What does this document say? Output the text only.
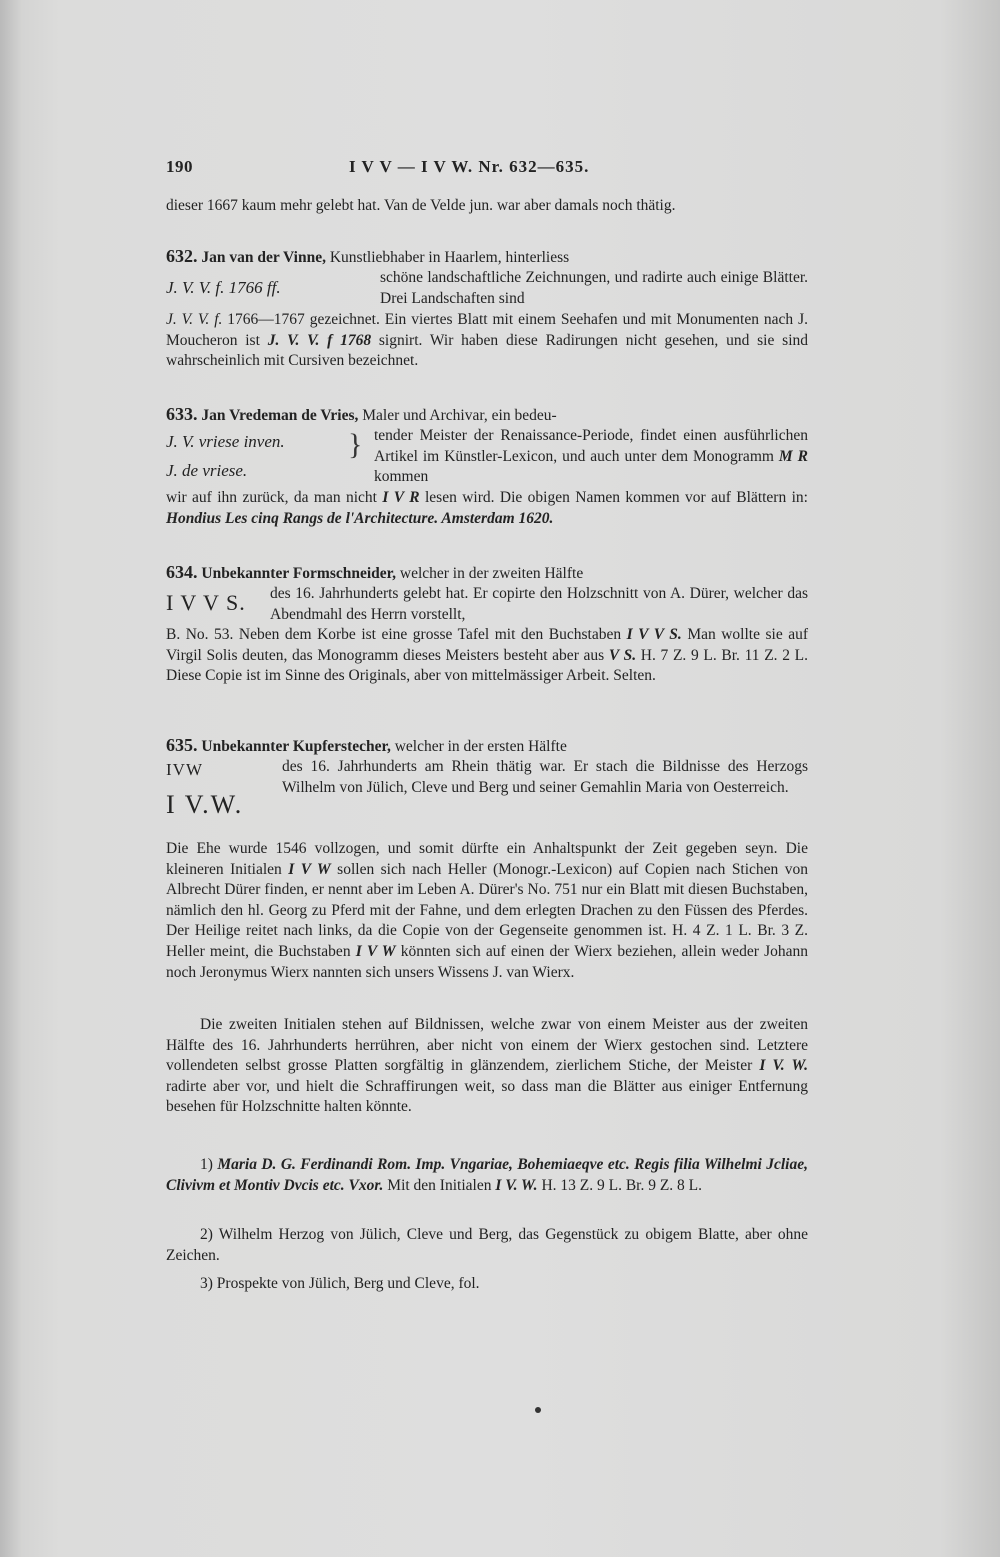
190	I V V — I V W. Nr. 632—635.
dieser 1667 kaum mehr gelebt hat. Van de Velde jun. war aber damals noch thätig.
632. Jan van der Vinne, Kunstliebhaber in Haarlem, hinterliess
J. V. V. f. 1766 ff.
schöne landschaftliche Zeichnungen, und radirte auch einige Blätter. Drei Landschaften sind
J. V. V. f. 1766—1767 gezeichnet. Ein viertes Blatt mit einem Seehafen und mit Monumenten nach J. Moucheron ist J. V. V. f 1768 signirt. Wir haben diese Radirungen nicht gesehen, und sie sind wahrscheinlich mit Cursiven bezeichnet.
633. Jan Vredeman de Vries, Maler und Archivar, ein bedeu-
J. V. vriese inven.
J. de vriese.
} tender Meister der Renaissance-Periode, findet einen ausführlichen Artikel im Künstler-Lexicon, und auch unter dem Monogramm M R kommen
wir auf ihn zurück, da man nicht I V R lesen wird. Die obigen Namen kommen vor auf Blättern in: Hondius Les cinq Rangs de l'Architecture. Amsterdam 1620.
634. Unbekannter Formschneider, welcher in der zweiten Hälfte
I V V S. des 16. Jahrhunderts gelebt hat. Er copirte den Holzschnitt von A. Dürer, welcher das Abendmahl des Herrn vorstellt,
B. No. 53. Neben dem Korbe ist eine grosse Tafel mit den Buchstaben I V V S. Man wollte sie auf Virgil Solis deuten, das Monogramm dieses Meisters besteht aber aus V S. H. 7 Z. 9 L. Br. 11 Z. 2 L. Diese Copie ist im Sinne des Originals, aber von mittelmässiger Arbeit. Selten.
635. Unbekannter Kupferstecher, welcher in der ersten Hälfte
IVW
I V.W.
des 16. Jahrhunderts am Rhein thätig war. Er stach die Bildnisse des Herzogs Wilhelm von Jülich, Cleve und Berg und seiner Gemahlin Maria von Oesterreich.
Die Ehe wurde 1546 vollzogen, und somit dürfte ein Anhaltspunkt der Zeit gegeben seyn. Die kleineren Initialen I V W sollen sich nach Heller (Monogr.-Lexicon) auf Copien nach Stichen von Albrecht Dürer finden, er nennt aber im Leben A. Dürer's No. 751 nur ein Blatt mit diesen Buchstaben, nämlich den hl. Georg zu Pferd mit der Fahne, und dem erlegten Drachen zu den Füssen des Pferdes. Der Heilige reitet nach links, da die Copie von der Gegenseite genommen ist. H. 4 Z. 1 L. Br. 3 Z. Heller meint, die Buchstaben I V W könnten sich auf einen der Wierx beziehen, allein weder Johann noch Jeronymus Wierx nannten sich unsers Wissens J. van Wierx.
Die zweiten Initialen stehen auf Bildnissen, welche zwar von einem Meister aus der zweiten Hälfte des 16. Jahrhunderts herrühren, aber nicht von einem der Wierx gestochen sind. Letztere vollendeten selbst grosse Platten sorgfältig in glänzendem, zierlichem Stiche, der Meister I V. W. radirte aber vor, und hielt die Schraffirungen weit, so dass man die Blätter aus einiger Entfernung besehen für Holzschnitte halten könnte.
1) Maria D. G. Ferdinandi Rom. Imp. Vngariae, Bohemiaeqve etc. Regis filia Wilhelmi Jcliae, Clivivm et Montiv Dvcis etc. Vxor. Mit den Initialen I V. W. H. 13 Z. 9 L. Br. 9 Z. 8 L.
2) Wilhelm Herzog von Jülich, Cleve und Berg, das Gegenstück zu obigem Blatte, aber ohne Zeichen.
3) Prospekte von Jülich, Berg und Cleve, fol.
